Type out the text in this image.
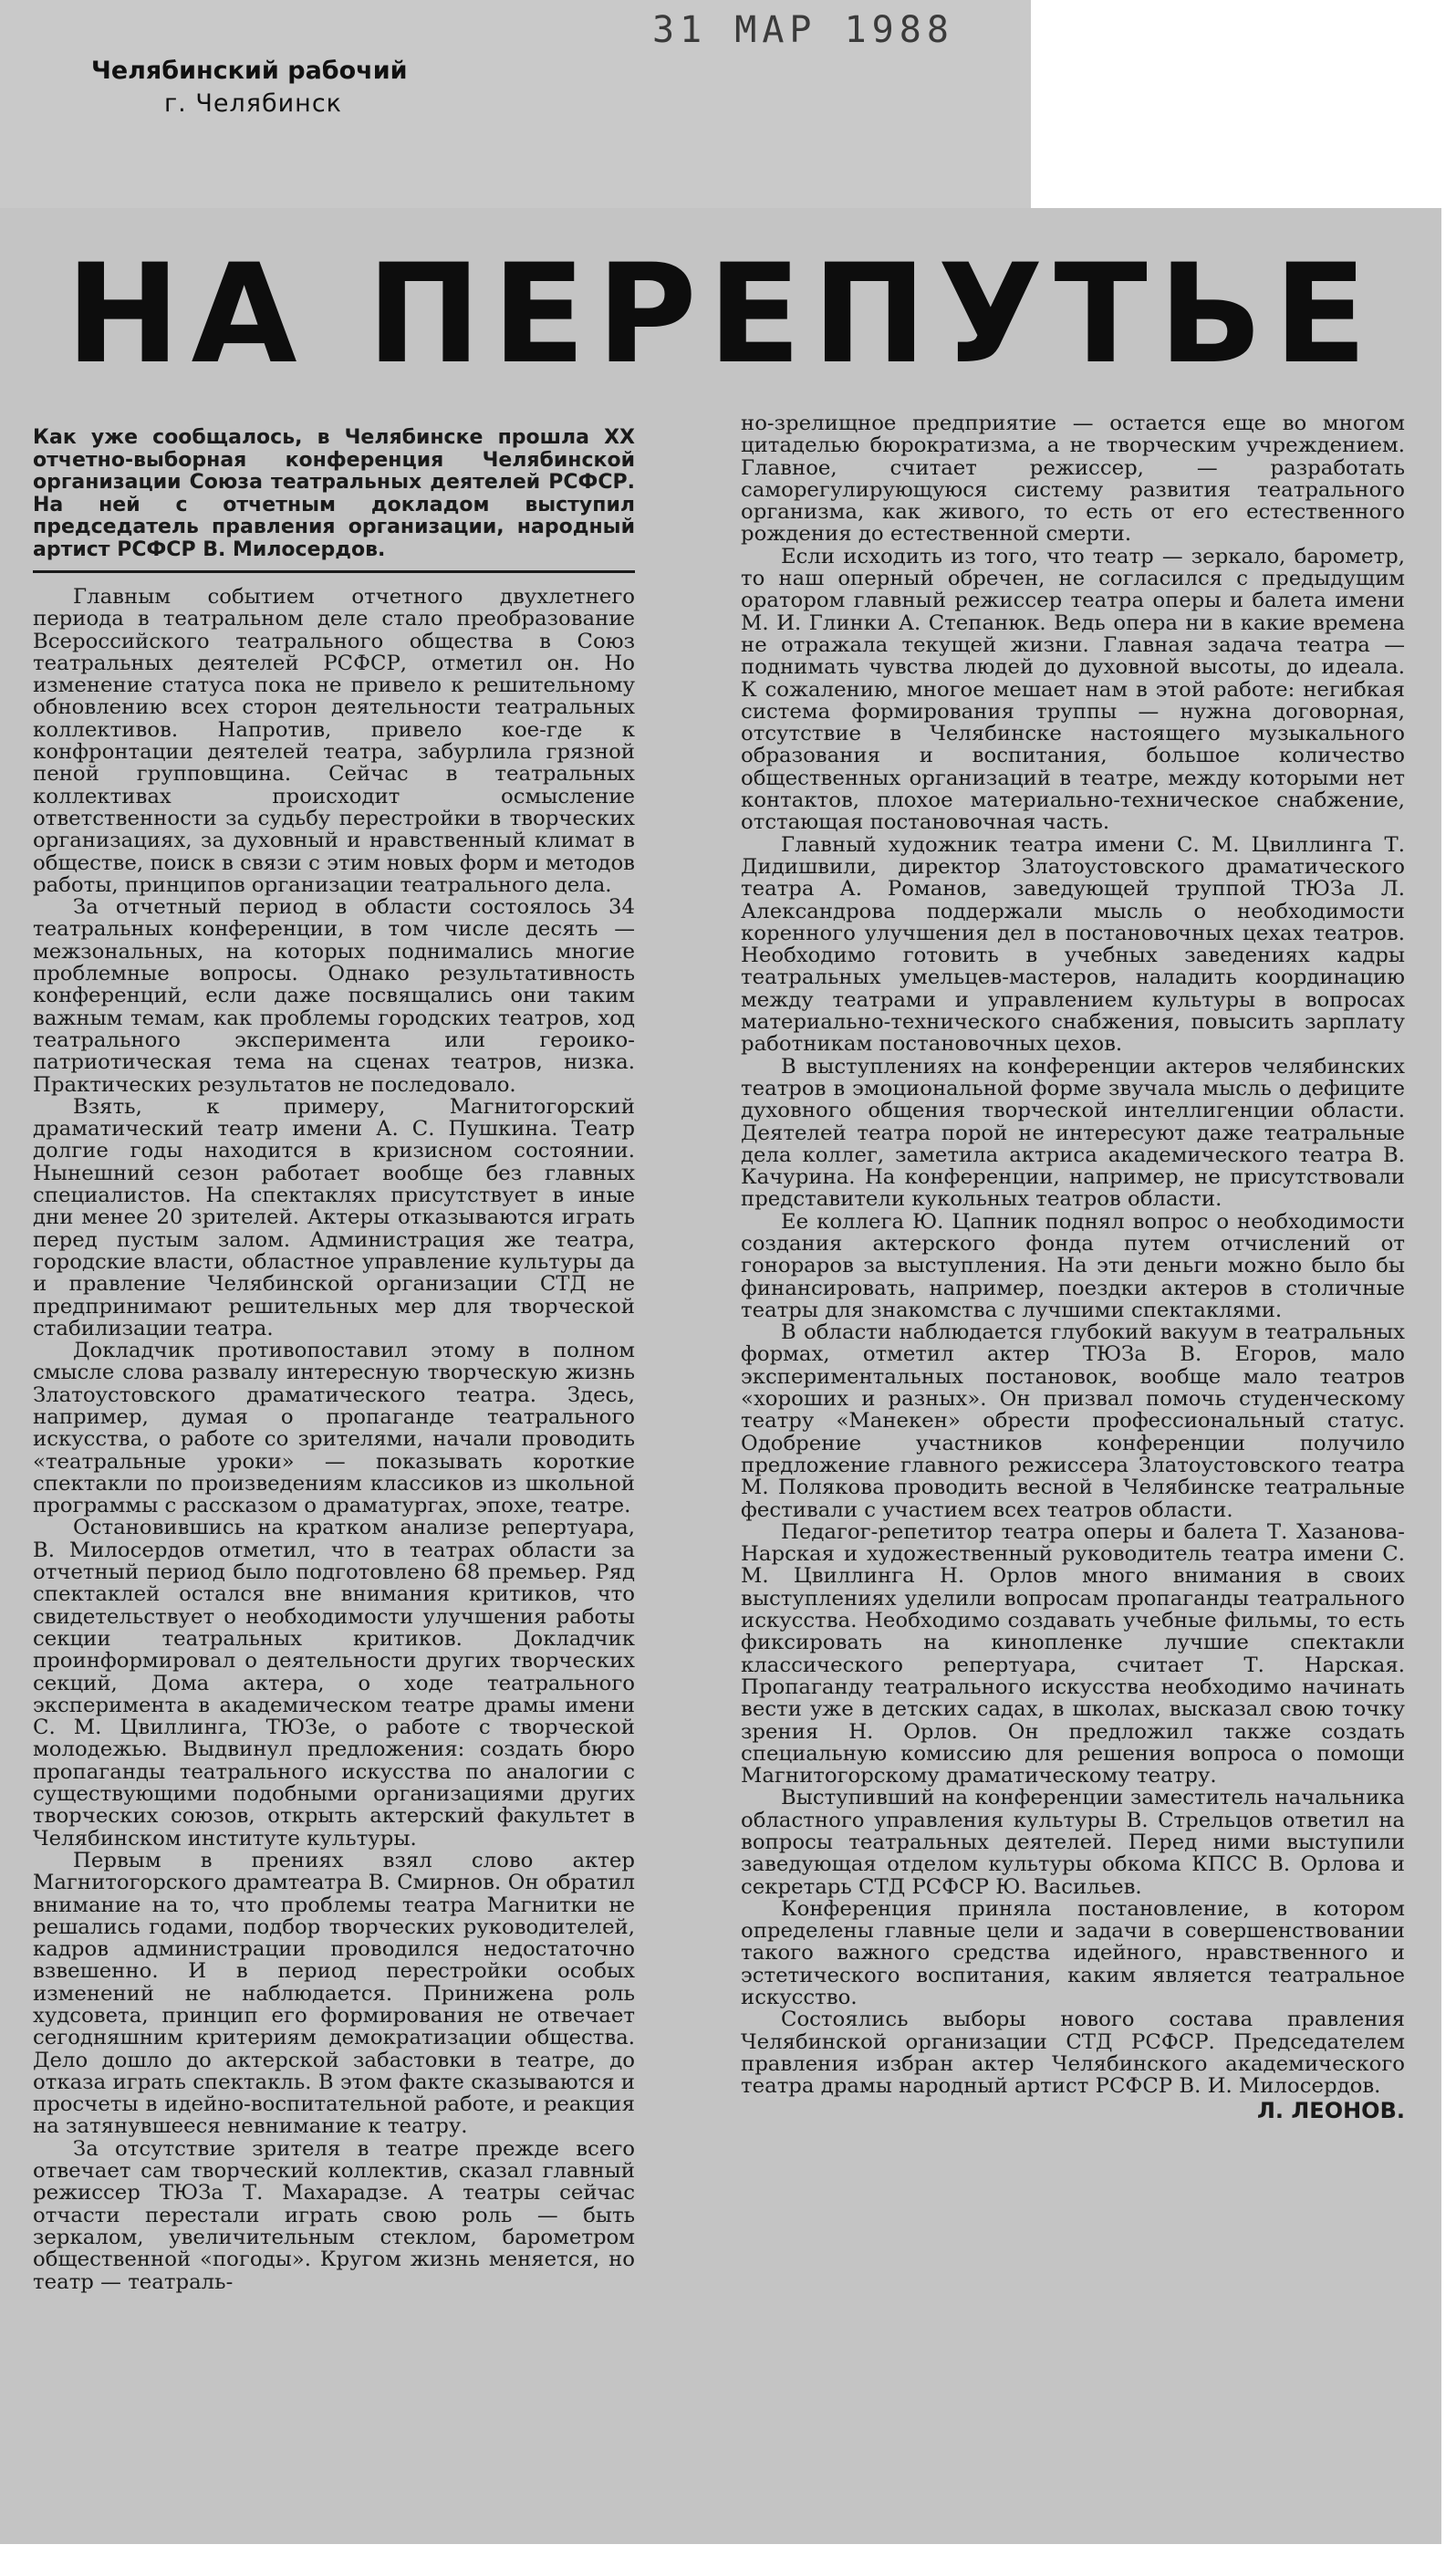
Челябинский рабочий
г. Челябинск
31 МАР 1988
НА ПЕРЕПУТЬЕ
Как уже сообщалось, в Челябинске прошла XX отчетно-выборная конференция Челябинской организации Союза театральных деятелей РСФСР. На ней с отчетным докладом выступил председатель правления организации, народный артист РСФСР В. Милосердов.

Главным событием отчетного двухлетнего периода в театральном деле стало преобразование Всероссийского театрального общества в Союз театральных деятелей РСФСР, отметил он. Но изменение статуса пока не привело к решительному обновлению всех сторон деятельности театральных коллективов. Напротив, привело кое-где к конфронтации деятелей театра, забурлила грязной пеной групповщина. Сейчас в театральных коллективах происходит осмысление ответственности за судьбу перестройки в творческих организациях, за духовный и нравственный климат в обществе, поиск в связи с этим новых форм и методов работы, принципов организации театрального дела.

За отчетный период в области состоялось 34 театральных конференции, в том числе десять — межзональных, на которых поднимались многие проблемные вопросы. Однако результативность конференций, если даже посвящались они таким важным темам, как проблемы городских театров, ход театрального эксперимента или героико-патриотическая тема на сценах театров, низка. Практических результатов не последовало.

Взять, к примеру, Магнитогорский драматический театр имени А. С. Пушкина. Театр долгие годы находится в кризисном состоянии. Нынешний сезон работает вообще без главных специалистов. На спектаклях присутствует в иные дни менее 20 зрителей. Актеры отказываются играть перед пустым залом. Администрация же театра, городские власти, областное управление культуры да и правление Челябинской организации СТД не предпринимают решительных мер для творческой стабилизации театра.

Докладчик противопоставил этому в полном смысле слова развалу интересную творческую жизнь Златоустовского драматического театра. Здесь, например, думая о пропаганде театрального искусства, о работе со зрителями, начали проводить «театральные уроки» — показывать короткие спектакли по произведениям классиков из школьной программы с рассказом о драматургах, эпохе, театре.

Остановившись на кратком анализе репертуара, В. Милосердов отметил, что в театрах области за отчетный период было подготовлено 68 премьер. Ряд спектаклей остался вне внимания критиков, что свидетельствует о необходимости улучшения работы секции театральных критиков. Докладчик проинформировал о деятельности других творческих секций, Дома актера, о ходе театрального эксперимента в академическом театре драмы имени С. М. Цвиллинга, ТЮЗе, о работе с творческой молодежью. Выдвинул предложения: создать бюро пропаганды театрального искусства по аналогии с существующими подобными организациями других творческих союзов, открыть актерский факультет в Челябинском институте культуры.

Первым в прениях взял слово актер Магнитогорского драмтеатра В. Смирнов. Он обратил внимание на то, что проблемы театра Магнитки не решались годами, подбор творческих руководителей, кадров администрации проводился недостаточно взвешенно. И в период перестройки особых изменений не наблюдается. Принижена роль худсовета, принцип его формирования не отвечает сегодняшним критериям демократизации общества. Дело дошло до актерской забастовки в театре, до отказа играть спектакль. В этом факте сказываются и просчеты в идейно-воспитательной работе, и реакция на затянувшееся невнимание к театру.

За отсутствие зрителя в театре прежде всего отвечает сам творческий коллектив, сказал главный режиссер ТЮЗа Т. Махарадзе. А театры сейчас отчасти перестали играть свою роль — быть зеркалом, увеличительным стеклом, барометром общественной «погоды». Кругом жизнь меняется, но театр — театраль-

но-зрелищное предприятие — остается еще во многом цитаделью бюрократизма, а не творческим учреждением. Главное, считает режиссер, — разработать саморегулирующуюся систему развития театрального организма, как живого, то есть от его естественного рождения до естественной смерти.

Если исходить из того, что театр — зеркало, барометр, то наш оперный обречен, не согласился с предыдущим оратором главный режиссер театра оперы и балета имени М. И. Глинки А. Степанюк. Ведь опера ни в какие времена не отражала текущей жизни. Главная задача театра — поднимать чувства людей до духовной высоты, до идеала. К сожалению, многое мешает нам в этой работе: негибкая система формирования труппы — нужна договорная, отсутствие в Челябинске настоящего музыкального образования и воспитания, большое количество общественных организаций в театре, между которыми нет контактов, плохое материально-техническое снабжение, отстающая постановочная часть.

Главный художник театра имени С. М. Цвиллинга Т. Дидишвили, директор Златоустовского драматического театра А. Романов, заведующей труппой ТЮЗа Л. Александрова поддержали мысль о необходимости коренного улучшения дел в постановочных цехах театров. Необходимо готовить в учебных заведениях кадры театральных умельцев-мастеров, наладить координацию между театрами и управлением культуры в вопросах материально-технического снабжения, повысить зарплату работникам постановочных цехов.

В выступлениях на конференции актеров челябинских театров в эмоциональной форме звучала мысль о дефиците духовного общения творческой интеллигенции области. Деятелей театра порой не интересуют даже театральные дела коллег, заметила актриса академического театра В. Качурина. На конференции, например, не присутствовали представители кукольных театров области.

Ее коллега Ю. Цапник поднял вопрос о необходимости создания актерского фонда путем отчислений от гонораров за выступления. На эти деньги можно было бы финансировать, например, поездки актеров в столичные театры для знакомства с лучшими спектаклями.

В области наблюдается глубокий вакуум в театральных формах, отметил актер ТЮЗа В. Егоров, мало экспериментальных постановок, вообще мало театров «хороших и разных». Он призвал помочь студенческому театру «Манекен» обрести профессиональный статус. Одобрение участников конференции получило предложение главного режиссера Златоустовского театра М. Полякова проводить весной в Челябинске театральные фестивали с участием всех театров области.

Педагог-репетитор театра оперы и балета Т. Хазанова-Нарская и художественный руководитель театра имени С. М. Цвиллинга Н. Орлов много внимания в своих выступлениях уделили вопросам пропаганды театрального искусства. Необходимо создавать учебные фильмы, то есть фиксировать на кинопленке лучшие спектакли классического репертуара, считает Т. Нарская. Пропаганду театрального искусства необходимо начинать вести уже в детских садах, в школах, высказал свою точку зрения Н. Орлов. Он предложил также создать специальную комиссию для решения вопроса о помощи Магнитогорскому драматическому театру.

Выступивший на конференции заместитель начальника областного управления культуры В. Стрельцов ответил на вопросы театральных деятелей. Перед ними выступили заведующая отделом культуры обкома КПСС В. Орлова и секретарь СТД РСФСР Ю. Васильев.

Конференция приняла постановление, в котором определены главные цели и задачи в совершенствовании такого важного средства идейного, нравственного и эстетического воспитания, каким является театральное искусство.

Состоялись выборы нового состава правления Челябинской организации СТД РСФСР. Председателем правления избран актер Челябинского академического театра драмы народный артист РСФСР В. И. Милосердов.

Л. ЛЕОНОВ.
